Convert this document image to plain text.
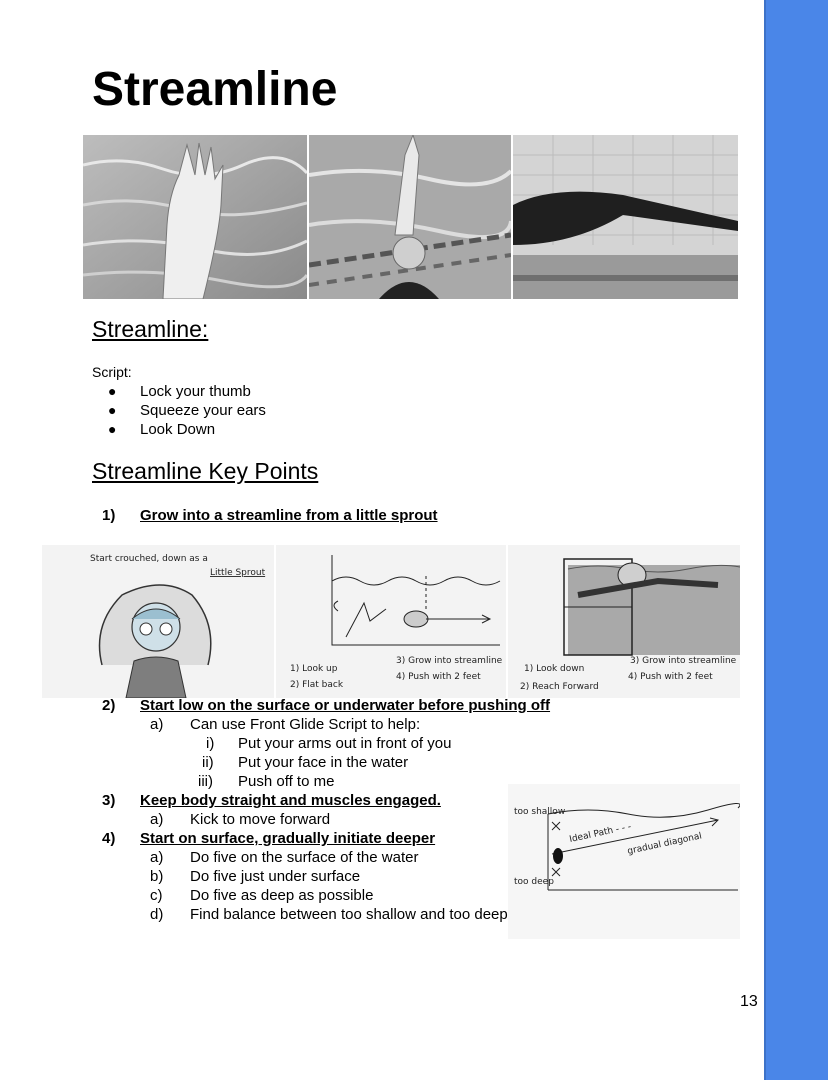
Streamline
Streamline:
Script:
● Lock your thumb
● Squeeze your ears
● Look Down
Streamline Key Points
1) Grow into a streamline from a little sprout
Start crouched, down as a
Little Sprout
1) Look up
2) Flat back
3) Grow into streamline
4) Push with 2 feet
1) Look down
2) Reach Forward
3) Grow into streamline
4) Push with 2 feet
2) Start low on the surface or underwater before pushing off
a) Can use Front Glide Script to help:
i) Put your arms out in front of you
ii) Put your face in the water
iii) Push off to me
3) Keep body straight and muscles engaged.
a) Kick to move forward
4) Start on surface, gradually initiate deeper
a) Do five on the surface of the water
b) Do five just under surface
c) Do five as deep as possible
d) Find balance between too shallow and too deep
too shallow
Ideal Path - - -
gradual diagonal
too deep
13
